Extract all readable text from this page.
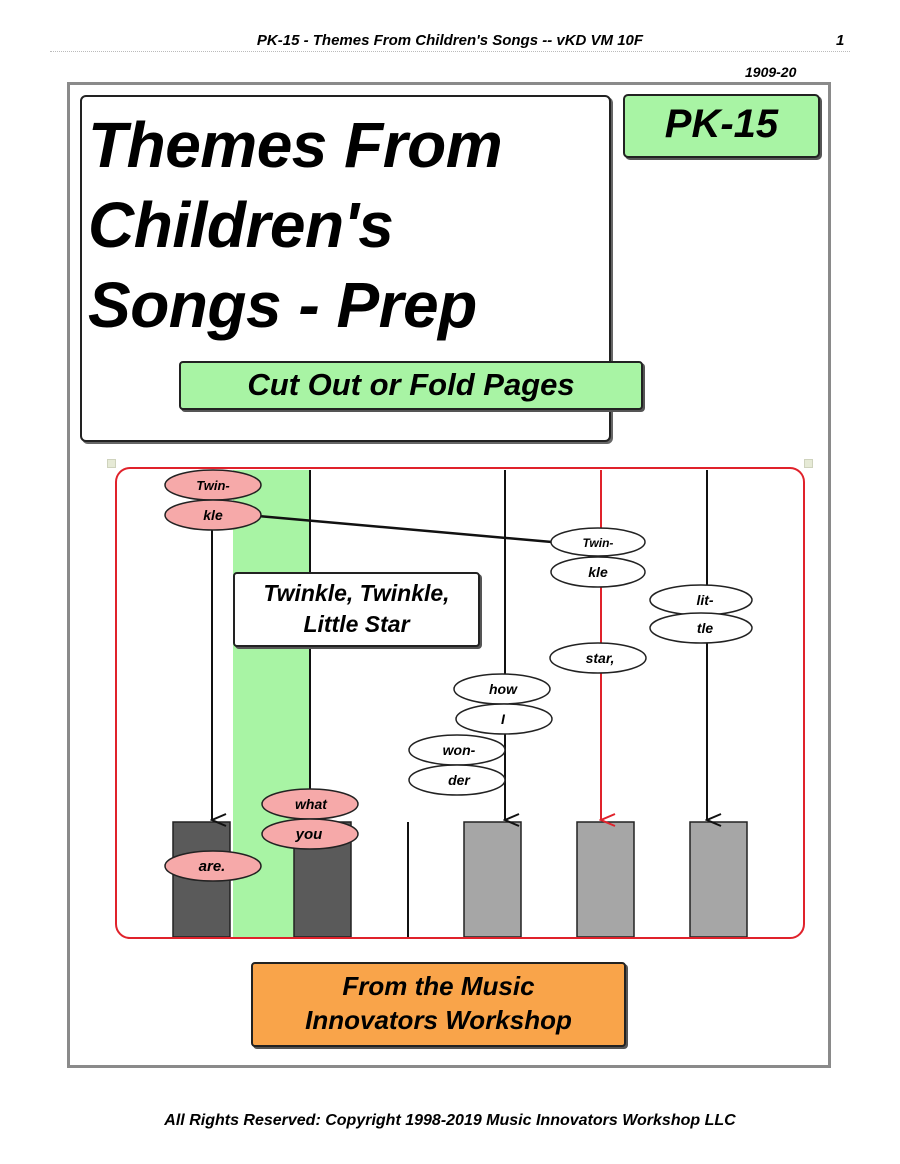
PK-15 - Themes From Children's Songs -- vKD VM 10F	1
1909-20
Themes From
Children's
Songs - Prep
PK-15
Cut Out or Fold Pages
Twin-
kle
Twin-
kle
lit-
tle
star,
how
I
won-
der
what
you
are.
Twinkle, Twinkle,
Little Star
From the Music
Innovators Workshop
All Rights Reserved: Copyright 1998-2019 Music Innovators Workshop LLC
